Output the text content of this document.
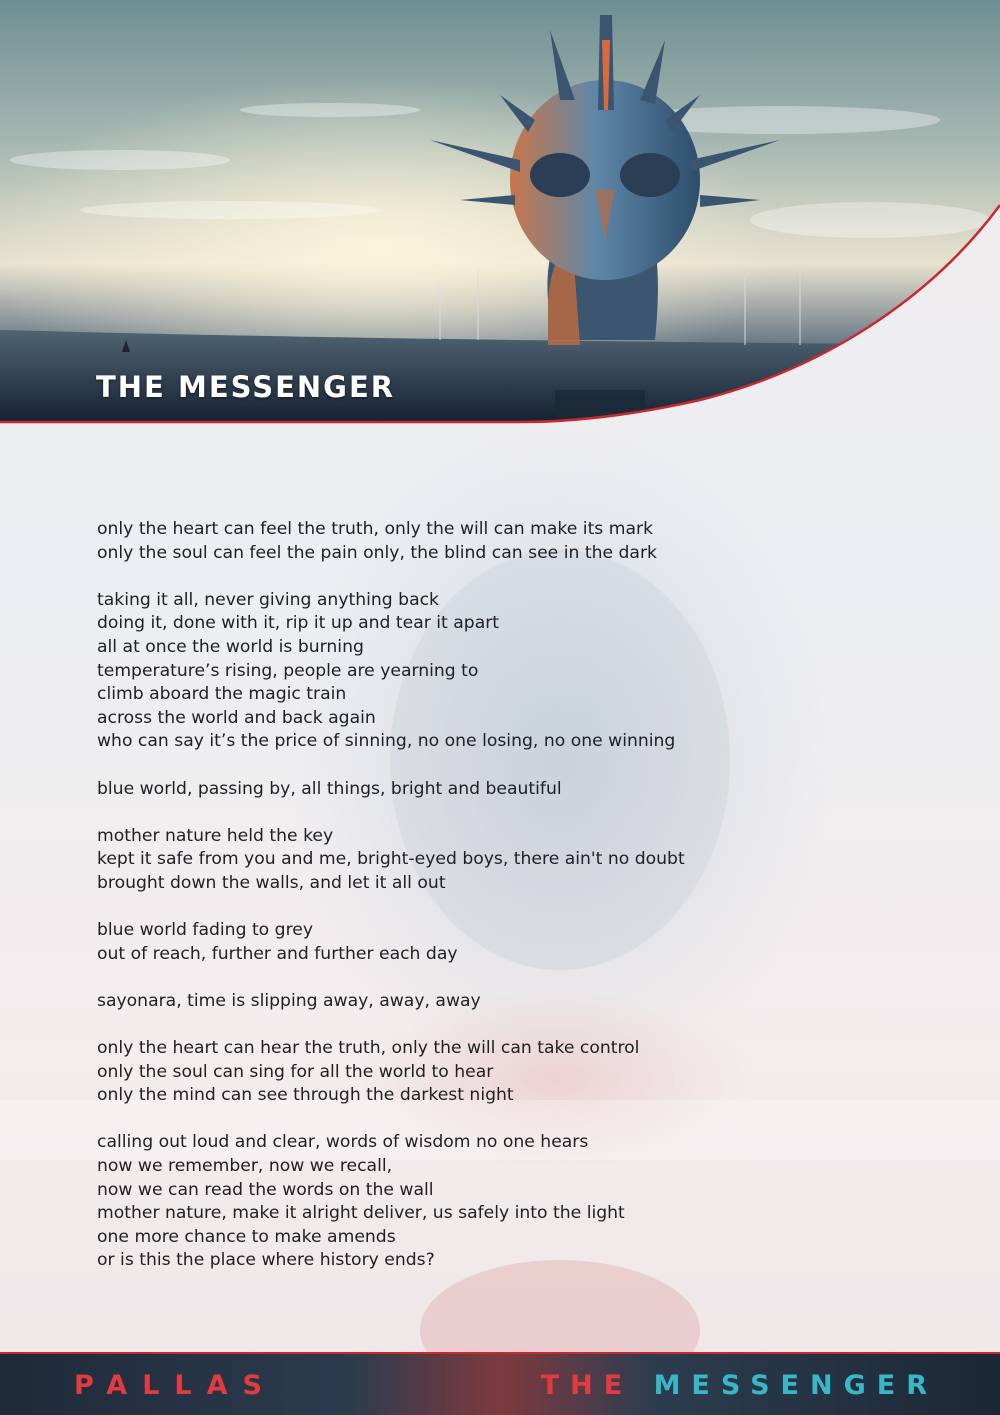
THE MESSENGER
only the heart can feel the truth, only the will can make its mark
only the soul can feel the pain only, the blind can see in the dark
taking it all, never giving anything back
doing it, done with it, rip it up and tear it apart
all at once the world is burning
temperature’s rising, people are yearning to
climb aboard the magic train
across the world and back again
who can say it’s the price of sinning, no one losing, no one winning
blue world, passing by, all things, bright and beautiful
mother nature held the key
kept it safe from you and me, bright-eyed boys, there ain't no doubt
brought down the walls, and let it all out
blue world fading to grey
out of reach, further and further each day
sayonara, time is slipping away, away, away
only the heart can hear the truth, only the will can take control
only the soul can sing for all the world to hear
only the mind can see through the darkest night
calling out loud and clear, words of wisdom no one hears
now we remember, now we recall,
now we can read the words on the wall
mother nature, make it alright deliver, us safely into the light
one more chance to make amends
or is this the place where history ends?
PALLAS	THE MESSENGER
